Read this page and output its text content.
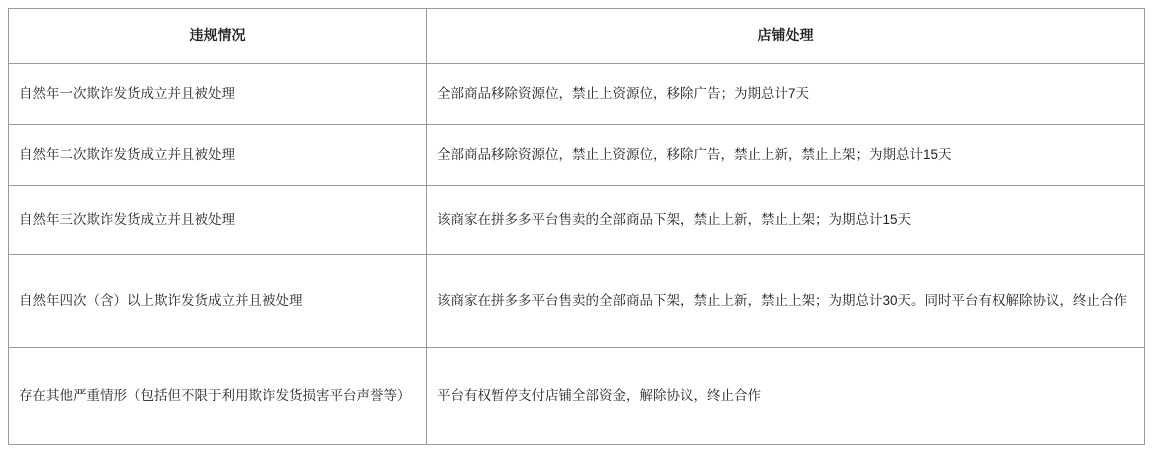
违规情况	店铺处理
自然年一次欺诈发货成立并且被处理	全部商品移除资源位，禁止上资源位，移除广告；为期总计7天
自然年二次欺诈发货成立并且被处理	全部商品移除资源位，禁止上资源位，移除广告，禁止上新，禁止上架；为期总计15天
自然年三次欺诈发货成立并且被处理	该商家在拼多多平台售卖的全部商品下架，禁止上新，禁止上架；为期总计15天
自然年四次（含）以上欺诈发货成立并且被处理	该商家在拼多多平台售卖的全部商品下架，禁止上新，禁止上架；为期总计30天。同时平台有权解除协议，终止合作
存在其他严重情形（包括但不限于利用欺诈发货损害平台声誉等）	平台有权暂停支付店铺全部资金，解除协议，终止合作
